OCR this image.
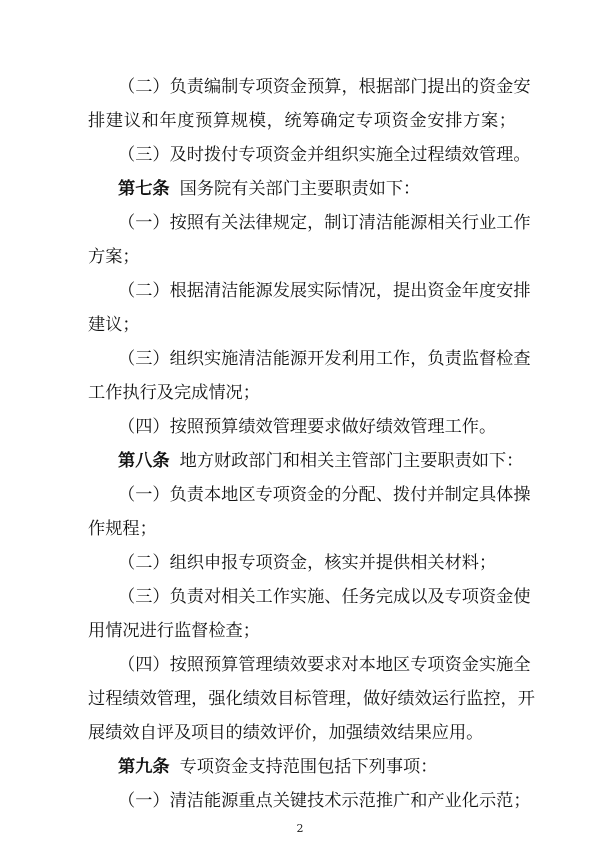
（二）负责编制专项资金预算，根据部门提出的资金安
排建议和年度预算规模，统筹确定专项资金安排方案；
（三）及时拨付专项资金并组织实施全过程绩效管理。
第七条 国务院有关部门主要职责如下：
（一）按照有关法律规定，制订清洁能源相关行业工作
方案；
（二）根据清洁能源发展实际情况，提出资金年度安排
建议；
（三）组织实施清洁能源开发利用工作，负责监督检查
工作执行及完成情况；
（四）按照预算绩效管理要求做好绩效管理工作。
第八条 地方财政部门和相关主管部门主要职责如下：
（一）负责本地区专项资金的分配、拨付并制定具体操
作规程；
（二）组织申报专项资金，核实并提供相关材料；
（三）负责对相关工作实施、任务完成以及专项资金使
用情况进行监督检查；
（四）按照预算管理绩效要求对本地区专项资金实施全
过程绩效管理，强化绩效目标管理，做好绩效运行监控，开
展绩效自评及项目的绩效评价，加强绩效结果应用。
第九条 专项资金支持范围包括下列事项：
（一）清洁能源重点关键技术示范推广和产业化示范；
2
